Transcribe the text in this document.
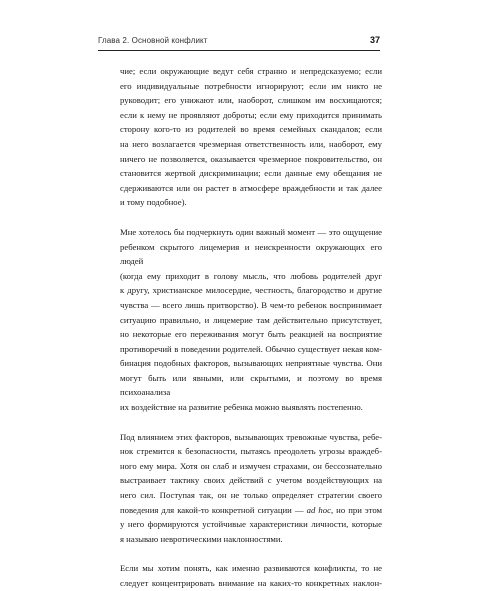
Глава 2. Основной конфликт	37
чие; если окружающие ведут себя странно и непредсказуемо; если
его индивидуальные потребности игнорируют; если им никто не
руководит; его унижают или, наоборот, слишком им восхищаются;
если к нему не проявляют доброты; если ему приходится принимать
сторону кого-то из родителей во время семейных скандалов; если
на него возлагается чрезмерная ответственность или, наоборот, ему
ничего не позволяется, оказывается чрезмерное покровительство, он
становится жертвой дискриминации; если данные ему обещания не
сдерживаются или он растет в атмосфере враждебности и так далее
и тому подобное).
Мне хотелось бы подчеркнуть один важный момент — это ощущение
ребенком скрытого лицемерия и неискренности окружающих его людей
(когда ему приходит в голову мысль, что любовь родителей друг
к другу, христианское милосердие, честность, благородство и другие
чувства — всего лишь притворство). В чем-то ребенок воспринимает
ситуацию правильно, и лицемерие там действительно присутствует,
но некоторые его переживания могут быть реакцией на восприятие
противоречий в поведении родителей. Обычно существует некая ком-
бинация подобных факторов, вызывающих неприятные чувства. Они
могут быть или явными, или скрытыми, и поэтому во время психоанализа
их воздействие на развитие ребенка можно выявлять постепенно.
Под влиянием этих факторов, вызывающих тревожные чувства, ребе-
нок стремится к безопасности, пытаясь преодолеть угрозы враждеб-
ного ему мира. Хотя он слаб и измучен страхами, он бессознательно
выстраивает тактику своих действий с учетом воздействующих на
него сил. Поступая так, он не только определяет стратегии своего
поведения для какой-то конкретной ситуации — ad hoc, но при этом
у него формируются устойчивые характеристики личности, которые
я называю невротическими наклонностями.
Если мы хотим понять, как именно развиваются конфликты, то не
следует концентрировать внимание на каких-то конкретных наклон-
